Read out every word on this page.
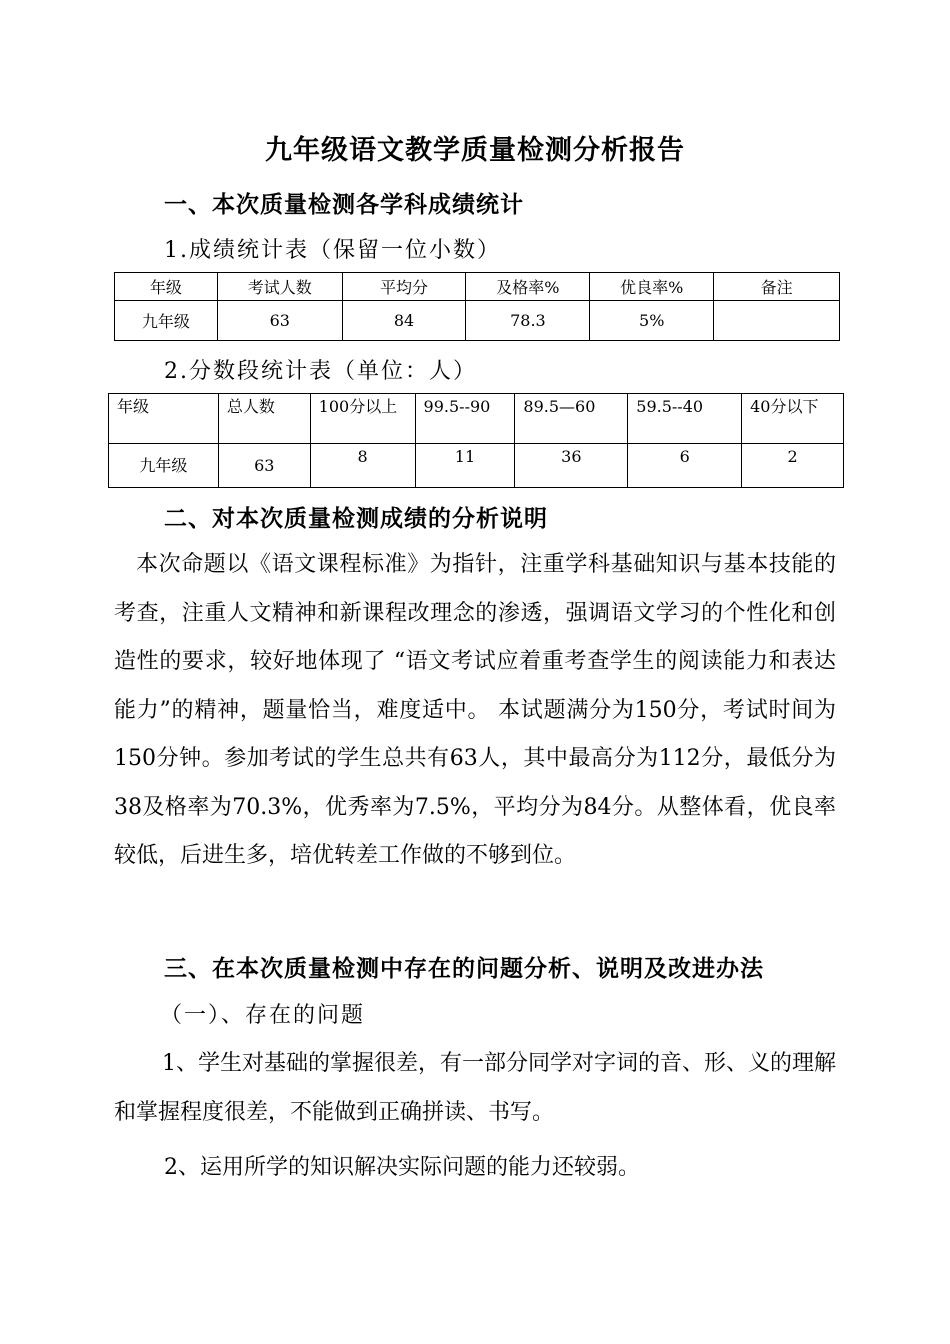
九年级语文教学质量检测分析报告
一、本次质量检测各学科成绩统计
1.成绩统计表（保留一位小数）
年级	考试人数	平均分	及格率%	优良率%	备注
九年级	63	84	78.3	5%	
2.分数段统计表（单位：人）
年级	总人数	100分以上	99.5--90	89.5—60	59.5--40	40分以下
九年级	63	8	11	36	6	2
二、对本次质量检测成绩的分析说明

本次命题以《语文课程标准》为指针，注重学科基础知识与基本技能的考查，注重人文精神和新课程改理念的渗透，强调语文学习的个性化和创造性的要求，较好地体现了 “语文考试应着重考查学生的阅读能力和表达能力”的精神，题量恰当，难度适中。 本试题满分为150分，考试时间为150分钟。参加考试的学生总共有63人，其中最高分为112分，最低分为38及格率为70.3%，优秀率为7.5%，平均分为84分。从整体看，优良率较低，后进生多，培优转差工作做的不够到位。

三、在本次质量检测中存在的问题分析、说明及改进办法
（一）、存在的问题

1、学生对基础的掌握很差，有一部分同学对字词的音、形、义的理解和掌握程度很差，不能做到正确拼读、书写。

2、运用所学的知识解决实际问题的能力还较弱。
